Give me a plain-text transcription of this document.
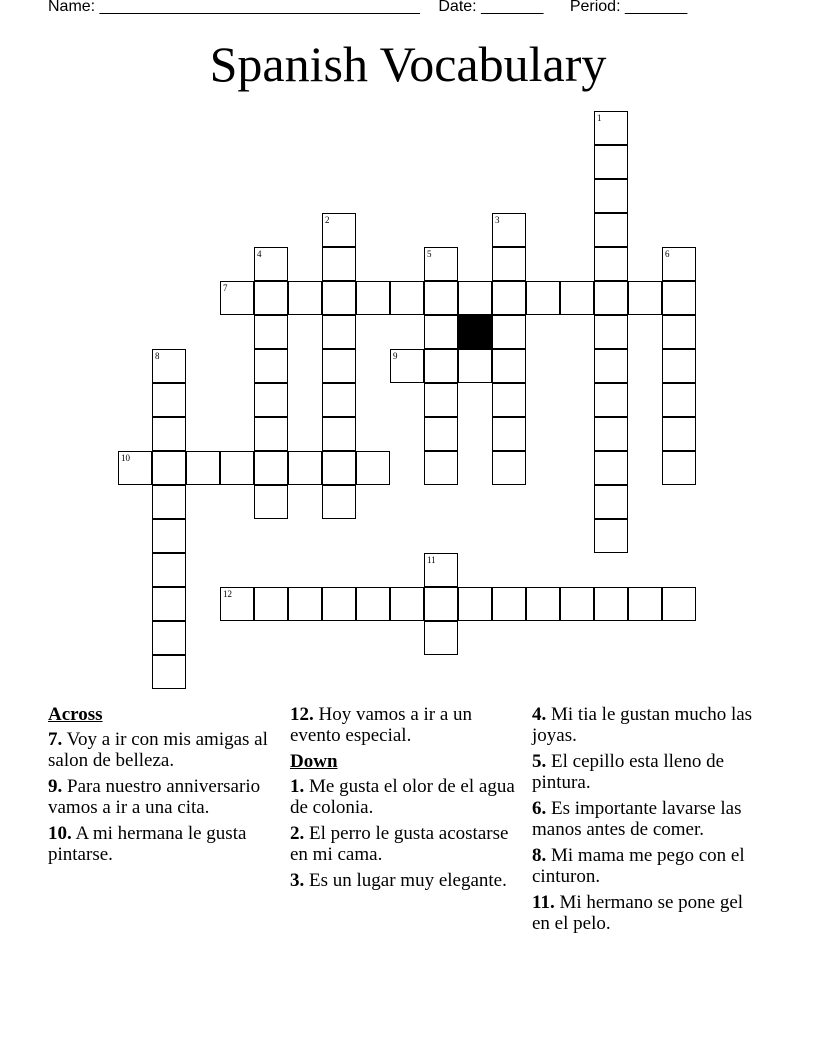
Name: ____________________________________ Date: _______ Period: _______
Spanish Vocabulary
1
2	3
4	5	6
7
8	9
10
11
12
Across
7. Voy a ir con mis amigas al salon de belleza.
9. Para nuestro anniversario vamos a ir a una cita.
10. A mi hermana le gusta pintarse.
12. Hoy vamos a ir a un evento especial.
Down
1. Me gusta el olor de el agua de colonia.
2. El perro le gusta acostarse en mi cama.
3. Es un lugar muy elegante.
4. Mi tia le gustan mucho las joyas.
5. El cepillo esta lleno de pintura.
6. Es importante lavarse las manos antes de comer.
8. Mi mama me pego con el cinturon.
11. Mi hermano se pone gel en el pelo.
